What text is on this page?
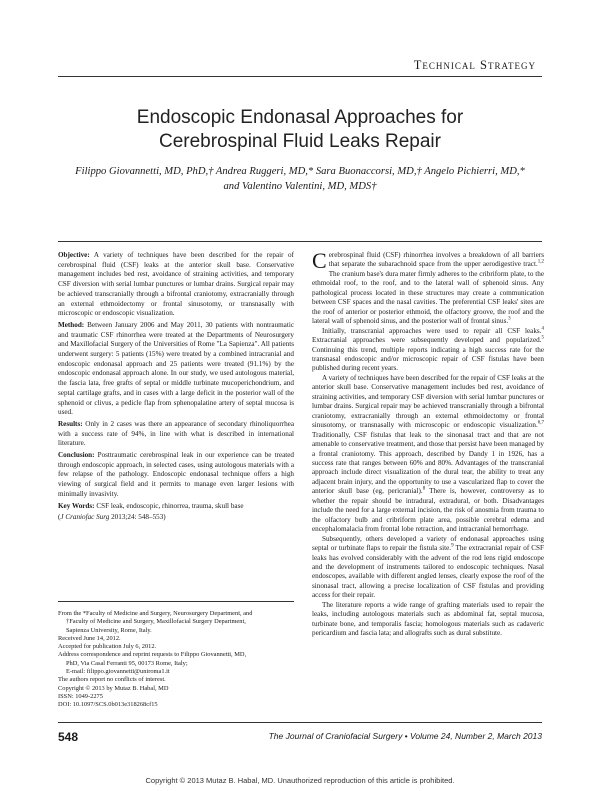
Technical Strategy
Endoscopic Endonasal Approaches for
Cerebrospinal Fluid Leaks Repair
Filippo Giovannetti, MD, PhD,† Andrea Ruggeri, MD,* Sara Buonaccorsi, MD,† Angelo Pichierri, MD,*
and Valentino Valentini, MD, MDS†

Objective: A variety of techniques have been described for the repair of cerebrospinal fluid (CSF) leaks at the anterior skull base. Conservative management includes bed rest, avoidance of straining activities, and temporary CSF diversion with serial lumbar punctures or lumbar drains. Surgical repair may be achieved transcranially through a bifrontal craniotomy, extracranially through an external ethmoidectomy or frontal sinusotomy, or transnasally with microscopic or endoscopic visualization.

Method: Between January 2006 and May 2011, 30 patients with nontraumatic and traumatic CSF rhinorrhea were treated at the Departments of Neurosurgery and Maxillofacial Surgery of the Universities of Rome "La Sapienza". All patients underwent surgery: 5 patients (15%) were treated by a combined intracranial and endoscopic endonasal approach and 25 patients were treated (91.1%) by the endoscopic endonasal approach alone. In our study, we used autologous material, the fascia lata, free grafts of septal or middle turbinate mucoperichondrium, and septal cartilage grafts, and in cases with a large deficit in the posterior wall of the sphenoid or clivus, a pedicle flap from sphenopalatine artery of septal mucosa is used.

Results: Only in 2 cases was there an appearance of secondary rhinoliquorrhea with a success rate of 94%, in line with what is described in international literature.

Conclusion: Posttraumatic cerebrospinal leak in our experience can be treated through endoscopic approach, in selected cases, using autologous materials with a few relapse of the pathology. Endoscopic endonasal technique offers a high viewing of surgical field and it permits to manage even larger lesions with minimally invasivity.

Key Words: CSF leak, endoscopic, rhinorrea, trauma, skull base

(J Craniofac Surg 2013;24: 548–553)

From the *Faculty of Medicine and Surgery, Neurosurgery Department, and
†Faculty of Medicine and Surgery, Maxillofacial Surgery Department,
Sapienza University, Rome, Italy.
Received June 14, 2012.
Accepted for publication July 6, 2012.
Address correspondence and reprint requests to Filippo Giovannetti, MD,
PhD, Via Casal Ferranti 95, 00173 Rome, Italy;
E-mail: filippo.giovannetti@uniroma1.it
The authors report no conflicts of interest.
Copyright © 2013 by Mutaz B. Habal, MD
ISSN: 1049-2275
DOI: 10.1097/SCS.0b013e318268cf15

Cerebrospinal fluid (CSF) rhinorrhea involves a breakdown of all barriers that separate the subarachnoid space from the upper aerodigestive tract.$^{1,2}$ The cranium base's dura mater firmly adheres to the cribriform plate, to the ethmoidal roof, to the roof, and to the lateral wall of sphenoid sinus. Any pathological process located in these structures may create a communication between CSF spaces and the nasal cavities. The preferential CSF leaks' sites are the roof of anterior or posterior ethmoid, the olfactory groove, the roof and the lateral wall of sphenoid sinus, and the posterior wall of frontal sinus.$^3$

Initially, transcranial approaches were used to repair all CSF leaks.$^4$ Extracranial approaches were subsequently developed and popularized.$^5$ Continuing this trend, multiple reports indicating a high success rate for the transnasal endoscopic and/or microscopic repair of CSF fistulas have been published during recent years.

A variety of techniques have been described for the repair of CSF leaks at the anterior skull base. Conservative management includes bed rest, avoidance of straining activities, and temporary CSF diversion with serial lumbar punctures or lumbar drains. Surgical repair may be achieved transcranially through a bifrontal craniotomy, extracranially through an external ethmoidectomy or frontal sinusotomy, or transnasally with microscopic or endoscopic visualization.$^{6,7}$ Traditionally, CSF fistulas that leak to the sinonasal tract and that are not amenable to conservative treatment, and those that persist have been managed by a frontal craniotomy. This approach, described by Dandy 1 in 1926, has a success rate that ranges between 60% and 80%. Advantages of the transcranial approach include direct visualization of the dural tear, the ability to treat any adjacent brain injury, and the opportunity to use a vascularized flap to cover the anterior skull base (eg, pericranial).$^8$ There is, however, controversy as to whether the repair should be intradural, extradural, or both. Disadvantages include the need for a large external incision, the risk of anosmia from trauma to the olfactory bulb and cribriform plate area, possible cerebral edema and encephalomalacia from frontal lobe retraction, and intracranial hemorrhage.

Subsequently, others developed a variety of endonasal approaches using septal or turbinate flaps to repair the fistula site.$^9$ The extracranial repair of CSF leaks has evolved considerably with the advent of the rod lens rigid endoscope and the development of instruments tailored to endoscopic techniques. Nasal endoscopes, available with different angled lenses, clearly expose the roof of the sinonasal tract, allowing a precise localization of CSF fistulas and providing access for their repair.

The literature reports a wide range of grafting materials used to repair the leaks, including autologous materials such as abdominal fat, septal mucosa, turbinate bone, and temporalis fascia; homologous materials such as cadaveric pericardium and fascia lata; and allografts such as dural substitute.

548	The Journal of Craniofacial Surgery • Volume 24, Number 2, March 2013
Copyright © 2013 Mutaz B. Habal, MD. Unauthorized reproduction of this article is prohibited.
